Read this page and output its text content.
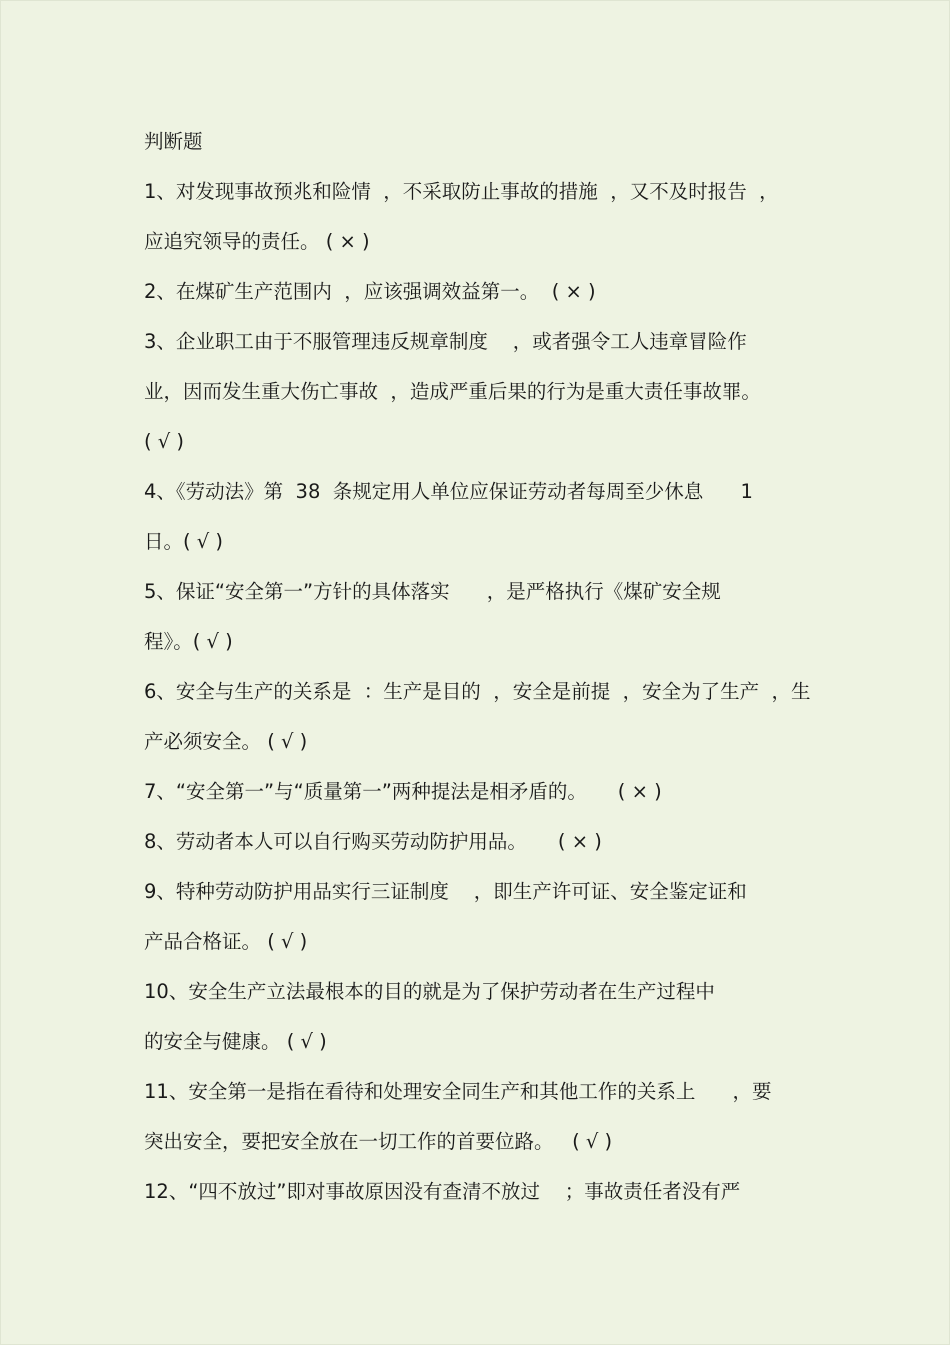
判断题
1、对发现事故预兆和险情  ，不采取防止事故的措施  ，又不及时报告  ，
应追究领导的责任。 ( × )
2、在煤矿生产范围内  ，应该强调效益第一。  ( × )
3、企业职工由于不服管理违反规章制度    ，或者强令工人违章冒险作
业，因而发生重大伤亡事故  ，造成严重后果的行为是重大责任事故罪。
( √ )
4、《劳动法》第  38  条规定用人单位应保证劳动者每周至少休息      1
日。( √ )
5、保证“安全第一”方针的具体落实      ，是严格执行《煤矿安全规
程》。( √ )
6、安全与生产的关系是  ：生产是目的  ，安全是前提  ，安全为了生产  ，生
产必须安全。 ( √ )
7、“安全第一”与“质量第一”两种提法是相矛盾的。     ( × )
8、劳动者本人可以自行购买劳动防护用品。     ( × )
9、特种劳动防护用品实行三证制度    ，即生产许可证、安全鉴定证和
产品合格证。 ( √ )
10、安全生产立法最根本的目的就是为了保护劳动者在生产过程中
的安全与健康。 ( √ )
11、安全第一是指在看待和处理安全同生产和其他工作的关系上      ，要
突出安全，要把安全放在一切工作的首要位路。   ( √ )
12、“四不放过”即对事故原因没有查清不放过    ；事故责任者没有严
